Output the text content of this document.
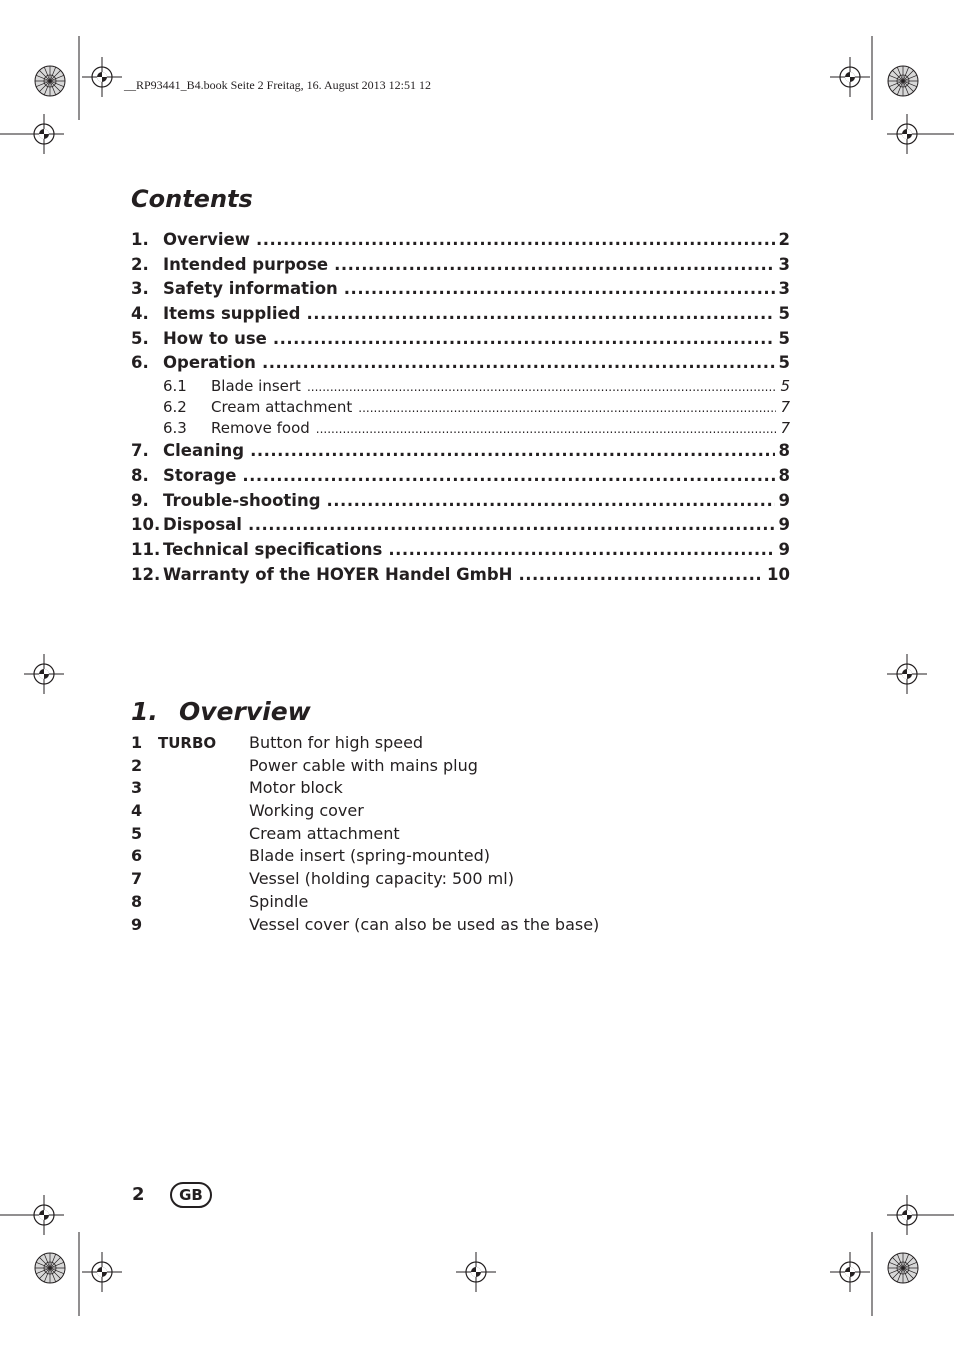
__RP93441_B4.book Seite 2 Freitag, 16. August 2013 12:51 12
Contents
1. Overview .....	2
2. Intended purpose .....	3
3. Safety information .....	3
4. Items supplied .....	5
5. How to use .....	5
6. Operation .....	5
6.1	Blade insert .....	5
6.2	Cream attachment .....	7
6.3	Remove food .....	7
7. Cleaning .....	8
8. Storage .....	8
9. Trouble-shooting .....	9
10. Disposal .....	9
11. Technical specifications .....	9
12. Warranty of the HOYER Handel GmbH .....	10
1. Overview
1 TURBO Button for high speed
2	Power cable with mains plug
3	Motor block
4	Working cover
5	Cream attachment
6	Blade insert (spring-mounted)
7	Vessel (holding capacity: 500 ml)
8	Spindle
9	Vessel cover (can also be used as the base)
2	GB
